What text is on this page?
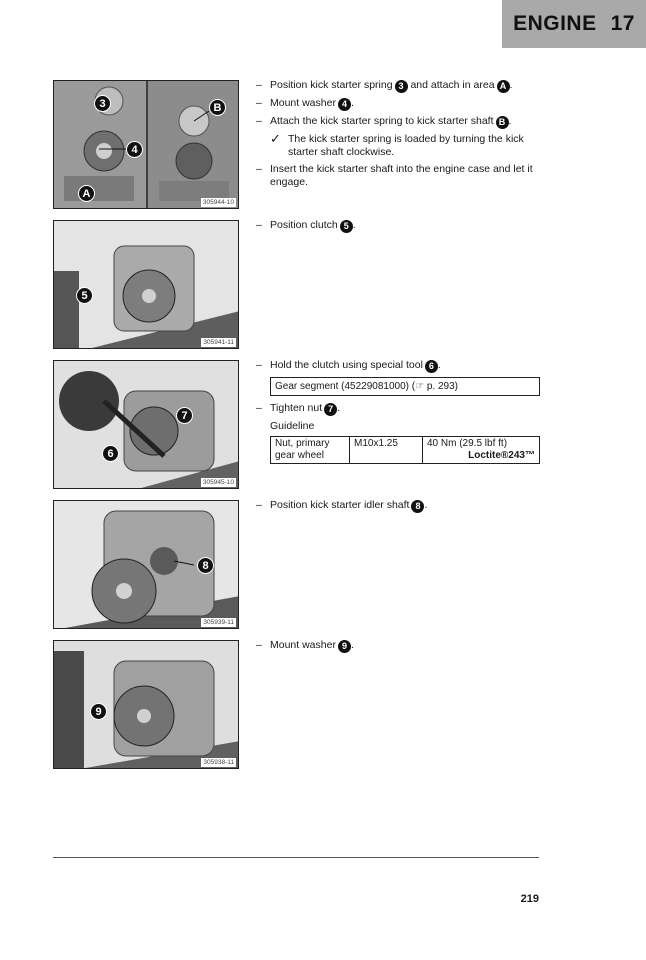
ENGINE 17
3	B
4
A
305944-10
– Position kick starter spring 3 and attach in area A .
– Mount washer 4 .
– Attach the kick starter spring to kick starter shaft B .
✓ The kick starter spring is loaded by turning the kick starter shaft clockwise.
– Insert the kick starter shaft into the engine case and let it engage.
5
305941-11
– Position clutch 5 .
7
6
305945-10
– Hold the clutch using special tool 6 .
Gear segment (45229081000) (☞ p. 293)
– Tighten nut 7 .
Guideline
Nut, primary gear wheel	M10x1.25	40 Nm (29.5 lbf ft)
Loctite®243™
8
305939-11
– Position kick starter idler shaft 8 .
9
305938-11
– Mount washer 9 .
219
